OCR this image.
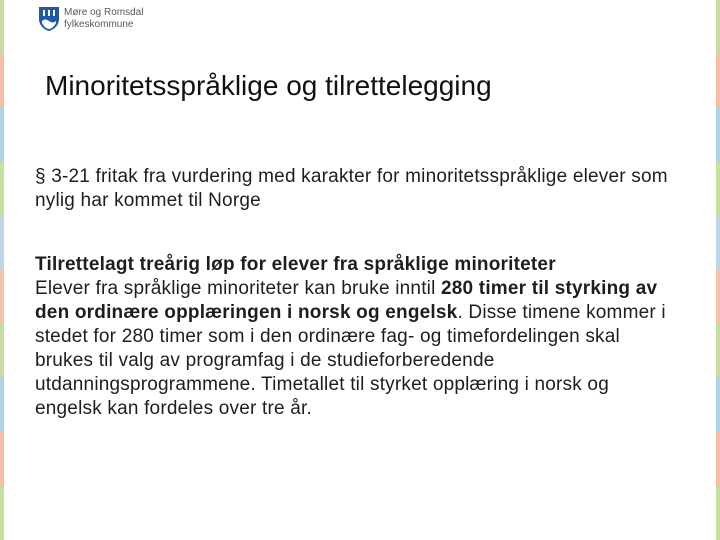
Møre og Romsdal
fylkeskommune
Minoritetsspråklige og tilrettelegging

§ 3-21 fritak fra vurdering med karakter for minoritetsspråklige elever som nylig har kommet til Norge

Tilrettelagt treårig løp for elever fra språklige minoriteter
Elever fra språklige minoriteter kan bruke inntil 280 timer til styrking av den ordinære opplæringen i norsk og engelsk. Disse timene kommer i stedet for 280 timer som i den ordinære fag- og timefordelingen skal brukes til valg av programfag i de studieforberedende utdanningsprogrammene. Timetallet til styrket opplæring i norsk og engelsk kan fordeles over tre år.
